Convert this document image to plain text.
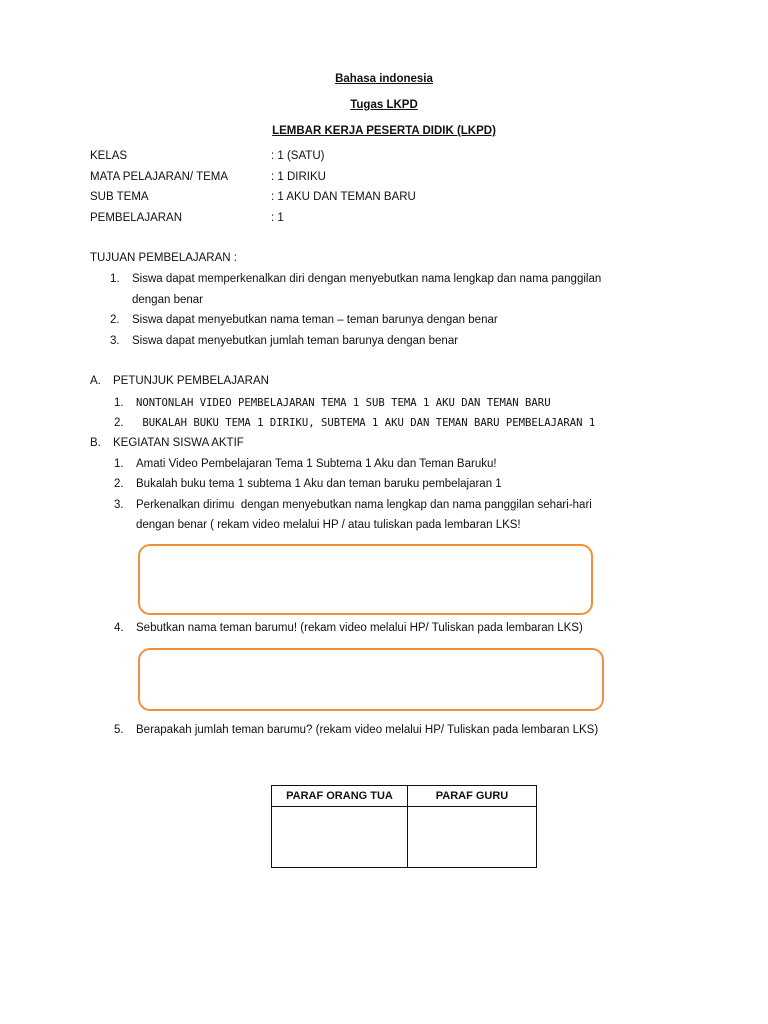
Bahasa indonesia
Tugas LKPD
LEMBAR KERJA PESERTA DIDIK (LKPD)
KELAS	: 1 (SATU)
MATA PELAJARAN/ TEMA	: 1 DIRIKU
SUB TEMA	: 1 AKU DAN TEMAN BARU
PEMBELAJARAN	: 1
TUJUAN PEMBELAJARAN :
1. Siswa dapat memperkenalkan diri dengan menyebutkan nama lengkap dan nama panggilan
dengan benar
2. Siswa dapat menyebutkan nama teman – teman barunya dengan benar
3. Siswa dapat menyebutkan jumlah teman barunya dengan benar
A. PETUNJUK PEMBELAJARAN
1. NONTONLAH VIDEO PEMBELAJARAN TEMA 1 SUB TEMA 1 AKU DAN TEMAN BARU
2. BUKALAH BUKU TEMA 1 DIRIKU, SUBTEMA 1 AKU DAN TEMAN BARU PEMBELAJARAN 1
B. KEGIATAN SISWA AKTIF
1. Amati Video Pembelajaran Tema 1 Subtema 1 Aku dan Teman Baruku!
2. Bukalah buku tema 1 subtema 1 Aku dan teman baruku pembelajaran 1
3. Perkenalkan dirimu  dengan menyebutkan nama lengkap dan nama panggilan sehari-hari
dengan benar ( rekam video melalui HP / atau tuliskan pada lembaran LKS!
4. Sebutkan nama teman barumu! (rekam video melalui HP/ Tuliskan pada lembaran LKS)
5. Berapakah jumlah teman barumu? (rekam video melalui HP/ Tuliskan pada lembaran LKS)
PARAF ORANG TUA	PARAF GURU
